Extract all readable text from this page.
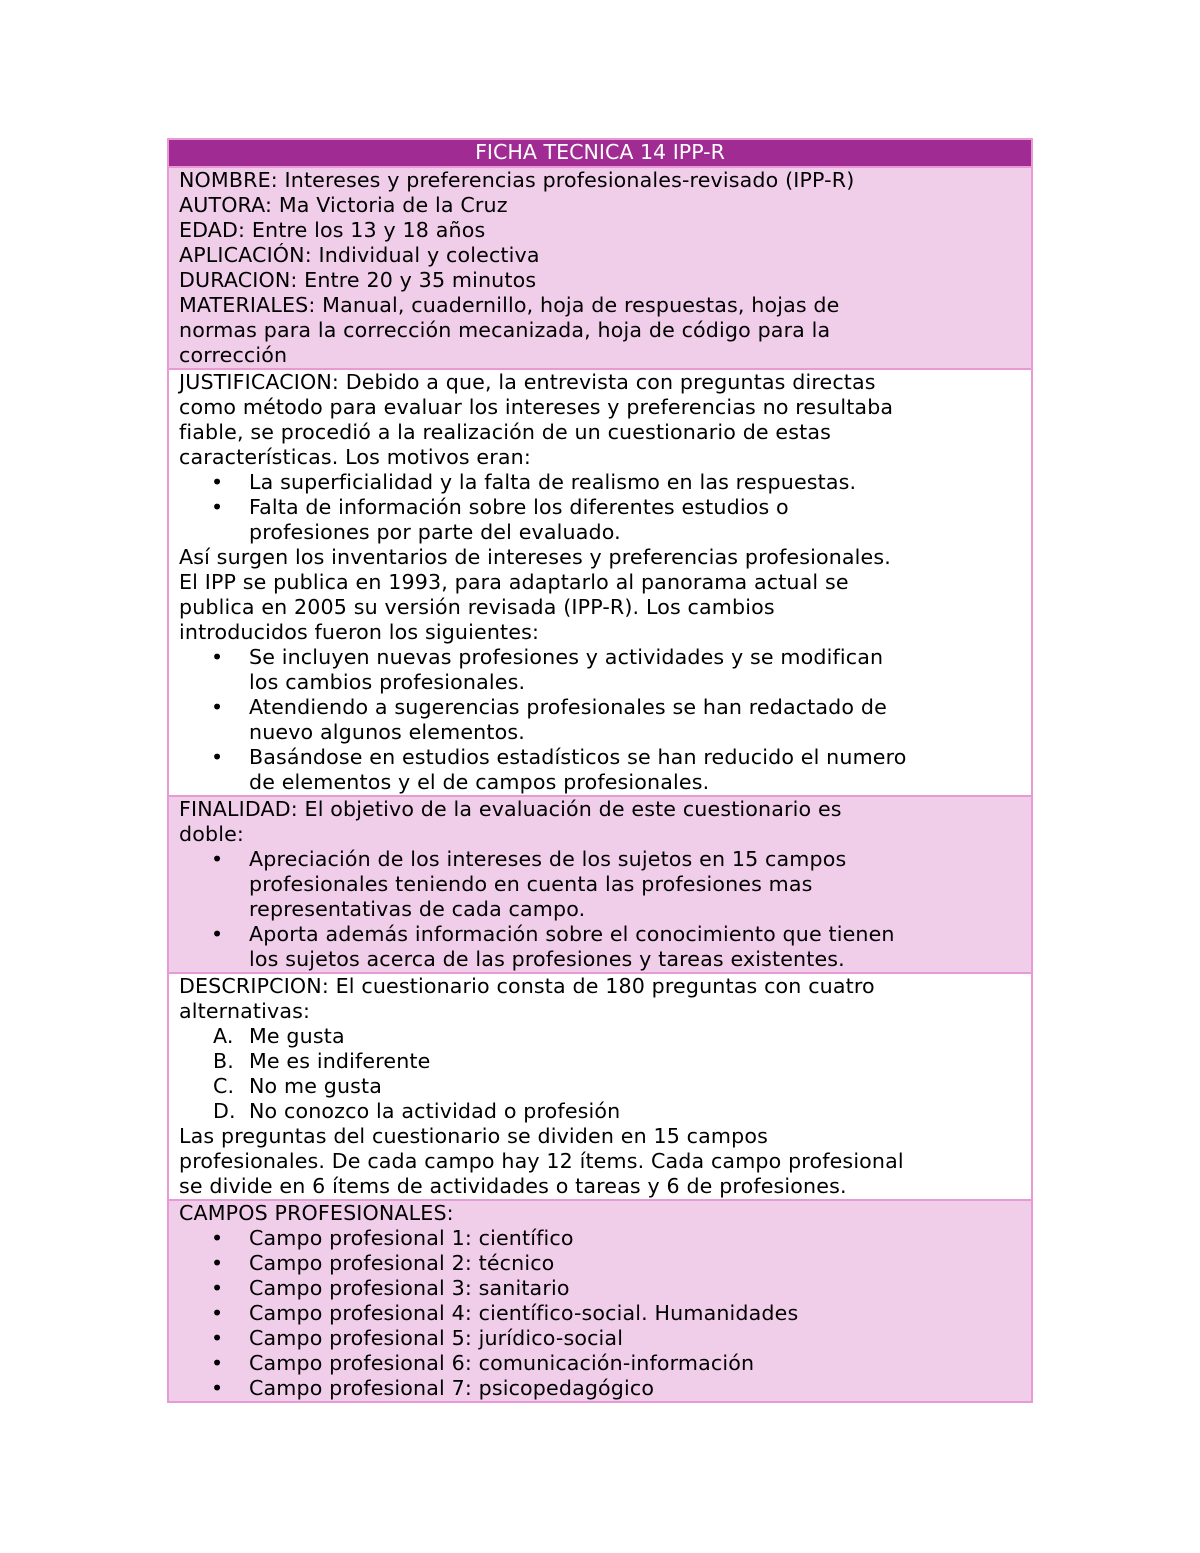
FICHA TECNICA 14 IPP-R
NOMBRE: Intereses y preferencias profesionales-revisado (IPP-R)
AUTORA: Ma Victoria de la Cruz
EDAD: Entre los 13 y 18 años
APLICACIÓN: Individual y colectiva
DURACION: Entre 20 y 35 minutos
MATERIALES: Manual, cuadernillo, hoja de respuestas, hojas de
normas para la corrección mecanizada, hoja de código para la
corrección
JUSTIFICACION: Debido a que, la entrevista con preguntas directas
como método para evaluar los intereses y preferencias no resultaba
fiable, se procedió a la realización de un cuestionario de estas
características. Los motivos eran:
• La superficialidad y la falta de realismo en las respuestas.
• Falta de información sobre los diferentes estudios o
profesiones por parte del evaluado.
Así surgen los inventarios de intereses y preferencias profesionales.
El IPP se publica en 1993, para adaptarlo al panorama actual se
publica en 2005 su versión revisada (IPP-R). Los cambios
introducidos fueron los siguientes:
• Se incluyen nuevas profesiones y actividades y se modifican
los cambios profesionales.
• Atendiendo a sugerencias profesionales se han redactado de
nuevo algunos elementos.
• Basándose en estudios estadísticos se han reducido el numero
de elementos y el de campos profesionales.
FINALIDAD: El objetivo de la evaluación de este cuestionario es
doble:
• Apreciación de los intereses de los sujetos en 15 campos
profesionales teniendo en cuenta las profesiones mas
representativas de cada campo.
• Aporta además información sobre el conocimiento que tienen
los sujetos acerca de las profesiones y tareas existentes.
DESCRIPCION: El cuestionario consta de 180 preguntas con cuatro
alternativas:
A. Me gusta
B. Me es indiferente
C. No me gusta
D. No conozco la actividad o profesión
Las preguntas del cuestionario se dividen en 15 campos
profesionales. De cada campo hay 12 ítems. Cada campo profesional
se divide en 6 ítems de actividades o tareas y 6 de profesiones.
CAMPOS PROFESIONALES:
• Campo profesional 1: científico
• Campo profesional 2: técnico
• Campo profesional 3: sanitario
• Campo profesional 4: científico-social. Humanidades
• Campo profesional 5: jurídico-social
• Campo profesional 6: comunicación-información
• Campo profesional 7: psicopedagógico
